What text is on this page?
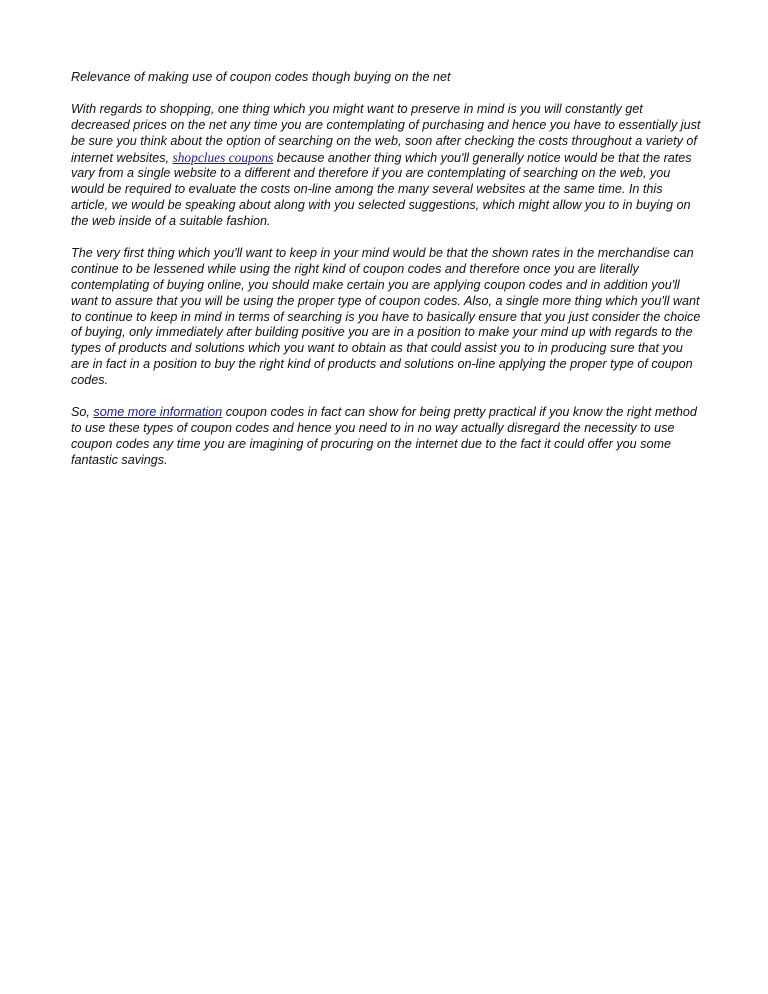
Relevance of making use of coupon codes though buying on the net

With regards to shopping, one thing which you might want to preserve in mind is you will constantly get decreased prices on the net any time you are contemplating of purchasing and hence you have to essentially just be sure you think about the option of searching on the web, soon after checking the costs throughout a variety of internet websites, shopclues coupons because another thing which you'll generally notice would be that the rates vary from a single website to a different and therefore if you are contemplating of searching on the web, you would be required to evaluate the costs on-line among the many several websites at the same time. In this article, we would be speaking about along with you selected suggestions, which might allow you to in buying on the web inside of a suitable fashion.

The very first thing which you'll want to keep in your mind would be that the shown rates in the merchandise can continue to be lessened while using the right kind of coupon codes and therefore once you are literally contemplating of buying online, you should make certain you are applying coupon codes and in addition you'll want to assure that you will be using the proper type of coupon codes. Also, a single more thing which you'll want to continue to keep in mind in terms of searching is you have to basically ensure that you just consider the choice of buying, only immediately after building positive you are in a position to make your mind up with regards to the types of products and solutions which you want to obtain as that could assist you to in producing sure that you are in fact in a position to buy the right kind of products and solutions on-line applying the proper type of coupon codes.

So, some more information coupon codes in fact can show for being pretty practical if you know the right method to use these types of coupon codes and hence you need to in no way actually disregard the necessity to use coupon codes any time you are imagining of procuring on the internet due to the fact it could offer you some fantastic savings.
